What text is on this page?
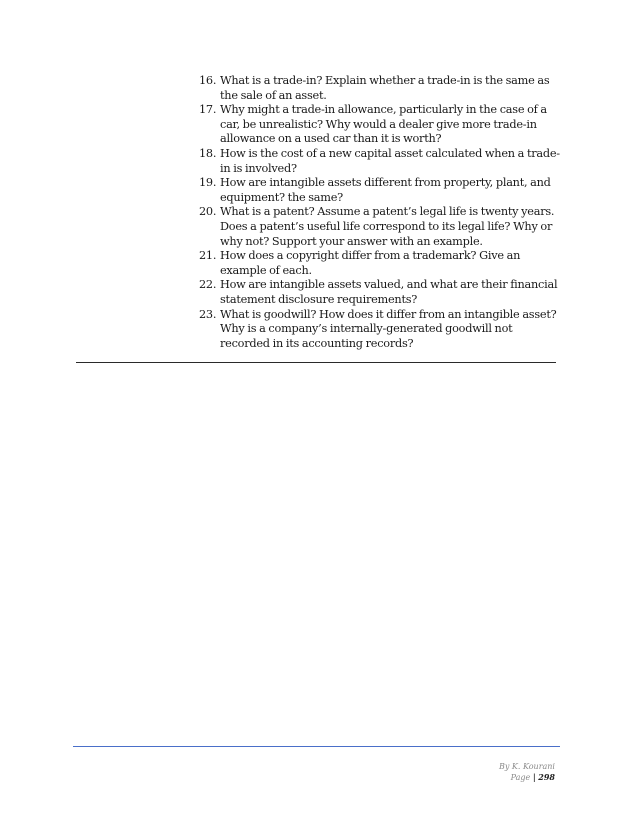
16. What is a trade-in? Explain whether a trade-in is the same as the sale of an asset.
17. Why might a trade-in allowance, particularly in the case of a car, be unrealistic? Why would a dealer give more trade-in allowance on a used car than it is worth?
18. How is the cost of a new capital asset calculated when a trade-in is involved?
19. How are intangible assets different from property, plant, and equipment? the same?
20. What is a patent? Assume a patent’s legal life is twenty years. Does a patent’s useful life correspond to its legal life? Why or why not? Support your answer with an example.
21. How does a copyright differ from a trademark? Give an example of each.
22. How are intangible assets valued, and what are their financial statement disclosure requirements?
23. What is goodwill? How does it differ from an intangible asset? Why is a company’s internally-generated goodwill not recorded in its accounting records?
By K. Kourani
Page | 298
